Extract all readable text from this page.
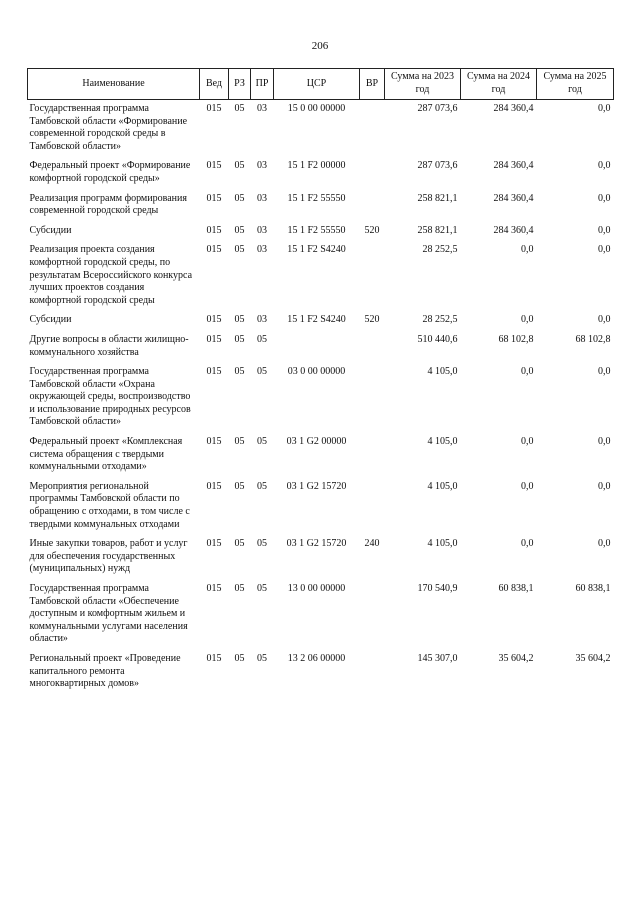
206
Наименование	Вед	РЗ	ПР	ЦСР	ВР	Сумма на 2023 год	Сумма на 2024 год	Сумма на 2025 год
Государственная программа Тамбовской области «Формирование современной городской среды в Тамбовской области»	015	05	03	15 0 00 00000		287 073,6	284 360,4	0,0
Федеральный проект «Формирование комфортной городской среды»	015	05	03	15 1 F2 00000		287 073,6	284 360,4	0,0
Реализация программ формирования современной городской среды	015	05	03	15 1 F2 55550		258 821,1	284 360,4	0,0
Субсидии	015	05	03	15 1 F2 55550	520	258 821,1	284 360,4	0,0
Реализация проекта создания комфортной городской среды, по результатам Всероссийского конкурса лучших проектов создания комфортной городской среды	015	05	03	15 1 F2 S4240		28 252,5	0,0	0,0
Субсидии	015	05	03	15 1 F2 S4240	520	28 252,5	0,0	0,0
Другие вопросы в области жилищно-коммунального хозяйства	015	05	05			510 440,6	68 102,8	68 102,8
Государственная программа Тамбовской области «Охрана окружающей среды, воспроизводство и использование природных ресурсов Тамбовской области»	015	05	05	03 0 00 00000		4 105,0	0,0	0,0
Федеральный проект «Комплексная система обращения с твердыми коммунальными отходами»	015	05	05	03 1 G2 00000		4 105,0	0,0	0,0
Мероприятия региональной программы Тамбовской области по обращению с отходами, в том числе с твердыми коммунальных отходами	015	05	05	03 1 G2 15720		4 105,0	0,0	0,0
Иные закупки товаров, работ и услуг для обеспечения государственных (муниципальных) нужд	015	05	05	03 1 G2 15720	240	4 105,0	0,0	0,0
Государственная программа Тамбовской области «Обеспечение доступным и комфортным жильем и коммунальными услугами населения области»	015	05	05	13 0 00 00000		170 540,9	60 838,1	60 838,1
Региональный проект «Проведение капитального ремонта многоквартирных домов»	015	05	05	13 2 06 00000		145 307,0	35 604,2	35 604,2
